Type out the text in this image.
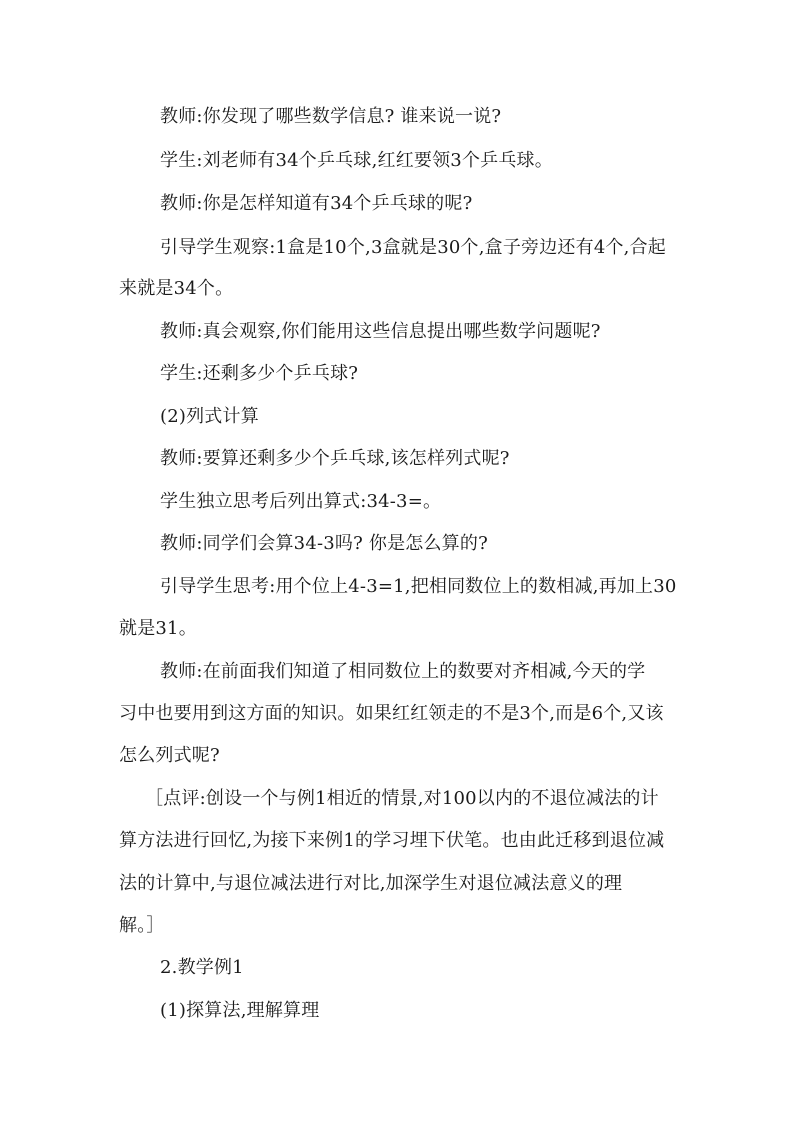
教师:你发现了哪些数学信息? 谁来说一说?
学生:刘老师有34个乒乓球,红红要领3个乒乓球。
教师:你是怎样知道有34个乒乓球的呢?
引导学生观察:1盒是10个,3盒就是30个,盒子旁边还有4个,合起
来就是34个。
教师:真会观察,你们能用这些信息提出哪些数学问题呢?
学生:还剩多少个乒乓球?
(2)列式计算
教师:要算还剩多少个乒乓球,该怎样列式呢?
学生独立思考后列出算式:34-3=。
教师:同学们会算34-3吗? 你是怎么算的?
引导学生思考:用个位上4-3=1,把相同数位上的数相减,再加上30
就是31。
教师:在前面我们知道了相同数位上的数要对齐相减,今天的学
习中也要用到这方面的知识。如果红红领走的不是3个,而是6个,又该
怎么列式呢?
［点评:创设一个与例1相近的情景,对100以内的不退位减法的计
算方法进行回忆,为接下来例1的学习埋下伏笔。也由此迁移到退位减
法的计算中,与退位减法进行对比,加深学生对退位减法意义的理
解。］
2.教学例1
(1)探算法,理解算理
